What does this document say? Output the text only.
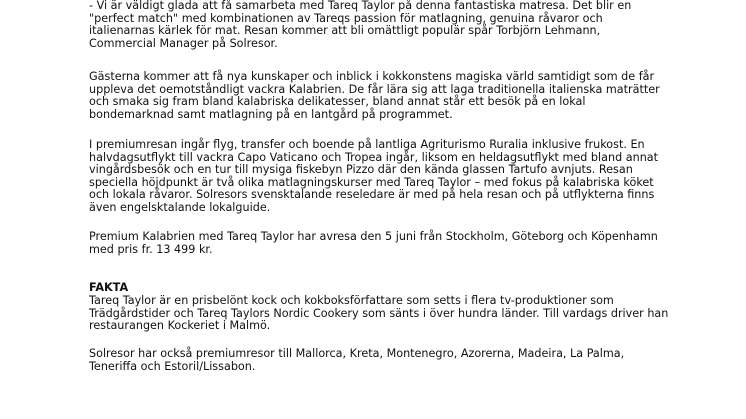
- Vi är väldigt glada att få samarbeta med Tareq Taylor på denna fantastiska matresa. Det blir en "perfect match" med kombinationen av Tareqs passion för matlagning, genuina råvaror och italienarnas kärlek för mat. Resan kommer att bli omättligt populär spår Torbjörn Lehmann, Commercial Manager på Solresor.

Gästerna kommer att få nya kunskaper och inblick i kokkonstens magiska värld samtidigt som de får uppleva det oemotståndligt vackra Kalabrien. De får lära sig att laga traditionella italienska maträtter och smaka sig fram bland kalabriska delikatesser, bland annat står ett besök på en lokal bondemarknad samt matlagning på en lantgård på programmet.

I premiumresan ingår flyg, transfer och boende på lantliga Agriturismo Ruralia inklusive frukost. En halvdagsutflykt till vackra Capo Vaticano och Tropea ingår, liksom en heldagsutflykt med bland annat vingårdsbesök och en tur till mysiga fiskebyn Pizzo där den kända glassen Tartufo avnjuts. Resan speciella höjdpunkt är två olika matlagningskurser med Tareq Taylor – med fokus på kalabriska köket och lokala råvaror. Solresors svensktalande reseledare är med på hela resan och på utflykterna finns även engelsktalande lokalguide.

Premium Kalabrien med Tareq Taylor har avresa den 5 juni från Stockholm, Göteborg och Köpenhamn med pris fr. 13 499 kr.

FAKTA

Tareq Taylor är en prisbelönt kock och kokboksförfattare som setts i flera tv-produktioner som Trädgårdstider och Tareq Taylors Nordic Cookery som sänts i över hundra länder. Till vardags driver han restaurangen Kockeriet i Malmö.

Solresor har också premiumresor till Mallorca, Kreta, Montenegro, Azorerna, Madeira, La Palma, Teneriffa och Estoril/Lissabon.
